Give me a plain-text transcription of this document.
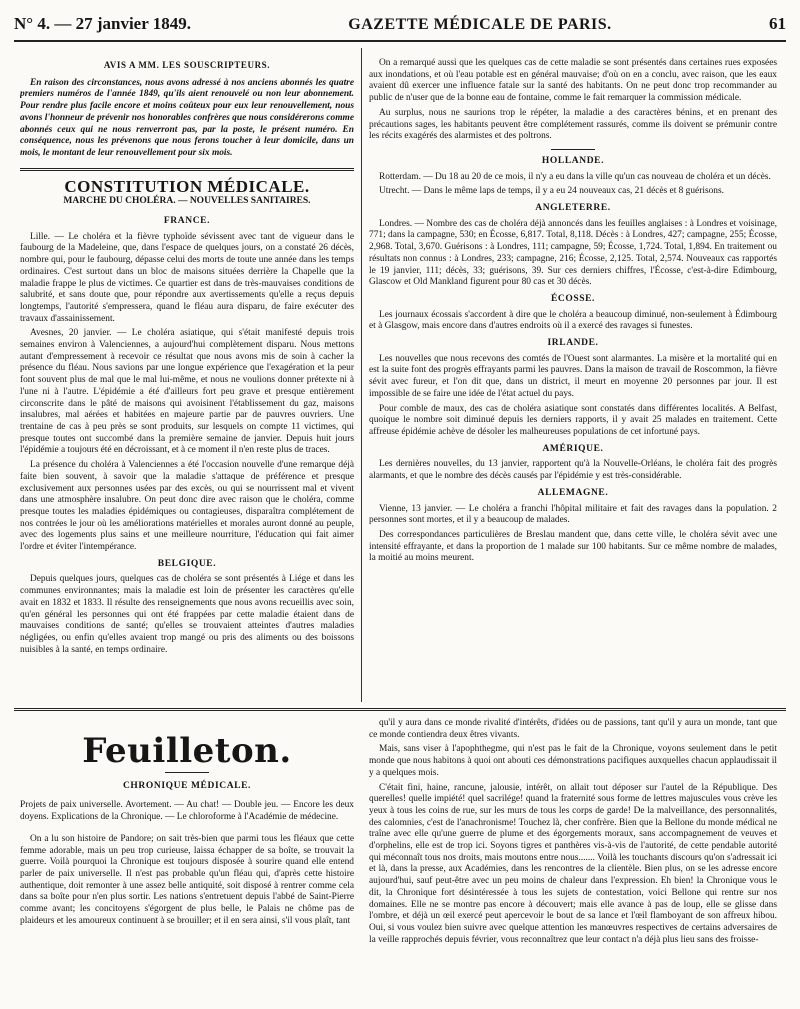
N° 4. — 27 janvier 1849.	GAZETTE MÉDICALE DE PARIS.	61
AVIS A MM. LES SOUSCRIPTEURS.

En raison des circonstances, nous avons adressé à nos anciens abonnés les quatre premiers numéros de l'année 1849, qu'ils aient renouvelé ou non leur abonnement. Pour rendre plus facile encore et moins coûteux pour eux leur renouvellement, nous avons l'honneur de prévenir nos honorables confrères que nous considérerons comme abonnés ceux qui ne nous renverront pas, par la poste, le présent numéro. En conséquence, nous les prévenons que nous ferons toucher à leur domicile, dans un mois, le montant de leur renouvellement pour six mois.

CONSTITUTION MÉDICALE.
MARCHE DU CHOLÉRA. — NOUVELLES SANITAIRES.
FRANCE.

Lille. — Le choléra et la fièvre typhoïde sévissent avec tant de vigueur dans le faubourg de la Madeleine, que, dans l'espace de quelques jours, on a constaté 26 décès, nombre qui, pour le faubourg, dépasse celui des morts de toute une année dans les temps ordinaires. C'est surtout dans un bloc de maisons situées derrière la Chapelle que la maladie frappe le plus de victimes. Ce quartier est dans de très-mauvaises conditions de salubrité, et sans doute que, pour répondre aux avertissements qu'elle a reçus depuis longtemps, l'autorité s'empressera, quand le fléau aura disparu, de faire exécuter des travaux d'assainissement.

Avesnes, 20 janvier. — Le choléra asiatique, qui s'était manifesté depuis trois semaines environ à Valenciennes, a aujourd'hui complètement disparu. Nous mettons autant d'empressement à recevoir ce résultat que nous avons mis de soin à cacher la présence du fléau. Nous savions par une longue expérience que l'exagération et la peur font souvent plus de mal que le mal lui-même, et nous ne voulions donner prétexte ni à l'une ni à l'autre. L'épidémie a été d'ailleurs fort peu grave et presque entièrement circonscrite dans le pâté de maisons qui avoisinent l'établissement du gaz, maisons insalubres, mal aérées et habitées en majeure partie par de pauvres ouvriers. Une trentaine de cas à peu près se sont produits, sur lesquels on compte 11 victimes, qui presque toutes ont succombé dans la première semaine de janvier. Depuis huit jours l'épidémie a toujours été en décroissant, et à ce moment il n'en reste plus de traces.

La présence du choléra à Valenciennes a été l'occasion nouvelle d'une remarque déjà faite bien souvent, à savoir que la maladie s'attaque de préférence et presque exclusivement aux personnes usées par des excès, ou qui se nourrissent mal et vivent dans une atmosphère insalubre. On peut donc dire avec raison que le choléra, comme presque toutes les maladies épidémiques ou contagieuses, disparaîtra complétement de nos contrées le jour où les améliorations matérielles et morales auront donné au peuple, avec des logements plus sains et une meilleure nourriture, l'éducation qui fait aimer l'ordre et éviter l'intempérance.

BELGIQUE.

Depuis quelques jours, quelques cas de choléra se sont présentés à Liége et dans les communes environnantes; mais la maladie est loin de présenter les caractères qu'elle avait en 1832 et 1833. Il résulte des renseignements que nous avons recueillis avec soin, qu'en général les personnes qui ont été frappées par cette maladie étaient dans de mauvaises conditions de santé; qu'elles se trouvaient atteintes d'autres maladies négligées, ou enfin qu'elles avaient trop mangé ou pris des aliments ou des boissons nuisibles à la santé, en temps ordinaire.

On a remarqué aussi que les quelques cas de cette maladie se sont présentés dans certaines rues exposées aux inondations, et où l'eau potable est en général mauvaise; d'où on en a conclu, avec raison, que les eaux avaient dû exercer une influence fatale sur la santé des habitants. On ne peut donc trop recommander au public de n'user que de la bonne eau de fontaine, comme le fait remarquer la commission médicale.

Au surplus, nous ne saurions trop le répéter, la maladie a des caractères bénins, et en prenant des précautions sages, les habitants peuvent être complétement rassurés, comme ils doivent se prémunir contre les récits exagérés des alarmistes et des poltrons.

HOLLANDE.

Rotterdam. — Du 18 au 20 de ce mois, il n'y a eu dans la ville qu'un cas nouveau de choléra et un décès.

Utrecht. — Dans le même laps de temps, il y a eu 24 nouveaux cas, 21 décès et 8 guérisons.

ANGLETERRE.

Londres. — Nombre des cas de choléra déjà annoncés dans les feuilles anglaises : à Londres et voisinage, 771; dans la campagne, 530; en Écosse, 6,817. Total, 8,118. Décès : à Londres, 427; campagne, 255; Écosse, 2,968. Total, 3,670. Guérisons : à Londres, 111; campagne, 59; Écosse, 1,724. Total, 1,894. En traitement ou résultats non connus : à Londres, 233; campagne, 216; Écosse, 2,125. Total, 2,574. Nouveaux cas rapportés le 19 janvier, 111; décès, 33; guérisons, 39. Sur ces derniers chiffres, l'Écosse, c'est-à-dire Edimbourg, Glascow et Old Mankland figurent pour 80 cas et 30 décès.

ÉCOSSE.

Les journaux écossais s'accordent à dire que le choléra a beaucoup diminué, non-seulement à Édimbourg et à Glasgow, mais encore dans d'autres endroits où il a exercé des ravages si funestes.

IRLANDE.

Les nouvelles que nous recevons des comtés de l'Ouest sont alarmantes. La misère et la mortalité qui en est la suite font des progrès effrayants parmi les pauvres. Dans la maison de travail de Roscommon, la fièvre sévit avec fureur, et l'on dit que, dans un district, il meurt en moyenne 20 personnes par jour. Il est impossible de se faire une idée de l'état actuel du pays.

Pour comble de maux, des cas de choléra asiatique sont constatés dans différentes localités. A Belfast, quoique le nombre soit diminué depuis les derniers rapports, il y avait 25 malades en traitement. Cette affreuse épidémie achève de désoler les malheureuses populations de cet infortuné pays.

AMÉRIQUE.

Les dernières nouvelles, du 13 janvier, rapportent qu'à la Nouvelle-Orléans, le choléra fait des progrès alarmants, et que le nombre des décès causés par l'épidémie y est très-considérable.

ALLEMAGNE.

Vienne, 13 janvier. — Le choléra a franchi l'hôpital militaire et fait des ravages dans la population. 2 personnes sont mortes, et il y a beaucoup de malades.

Des correspondances particulières de Breslau mandent que, dans cette ville, le choléra sévit avec une intensité effrayante, et dans la proportion de 1 malade sur 100 habitants. Sur ce même nombre de malades, la moitié au moins meurent.

Feuilleton.
CHRONIQUE MÉDICALE.

Projets de paix universelle. Avortement. — Au chat! — Double jeu. — Encore les deux doyens. Explications de la Chronique. — Le chloroforme à l'Académie de médecine.

On a lu son histoire de Pandore; on sait très-bien que parmi tous les fléaux que cette femme adorable, mais un peu trop curieuse, laissa échapper de sa boîte, se trouvait la guerre. Voilà pourquoi la Chronique est toujours disposée à sourire quand elle entend parler de paix universelle. Il n'est pas probable qu'un fléau qui, d'après cette histoire authentique, doit remonter à une assez belle antiquité, soit disposé à rentrer comme cela dans sa boîte pour n'en plus sortir. Les nations s'entretuent depuis l'abbé de Saint-Pierre comme avant; les concitoyens s'égorgent de plus belle, le Palais ne chôme pas de plaideurs et les amoureux continuent à se brouiller; et il en sera ainsi, s'il vous plaît, tant

qu'il y aura dans ce monde rivalité d'intérêts, d'idées ou de passions, tant qu'il y aura un monde, tant que ce monde contiendra deux êtres vivants.

Mais, sans viser à l'apophthegme, qui n'est pas le fait de la Chronique, voyons seulement dans le petit monde que nous habitons à quoi ont abouti ces démonstrations pacifiques auxquelles chacun applaudissait il y a quelques mois.

C'était fini, haine, rancune, jalousie, intérêt, on allait tout déposer sur l'autel de la République. Des querelles! quelle impiété! quel sacrilége! quand la fraternité sous forme de lettres majuscules vous crève les yeux à tous les coins de rue, sur les murs de tous les corps de garde! De la malveillance, des personnalités, des calomnies, c'est de l'anachronisme! Touchez là, cher confrère. Bien que la Bellone du monde médical ne traîne avec elle qu'une guerre de plume et des égorgements moraux, sans accompagnement de veuves et d'orphelins, elle est de trop ici. Soyons tigres et panthères vis-à-vis de l'autorité, de cette pendable autorité qui méconnaît tous nos droits, mais moutons entre nous....... Voilà les touchants discours qu'on s'adressait ici et là, dans la presse, aux Académies, dans les rencontres de la clientèle. Bien plus, on se les adresse encore aujourd'hui, sauf peut-être avec un peu moins de chaleur dans l'expression. Eh bien! la Chronique vous le dit, la Chronique fort désintéressée à tous les sujets de contestation, voici Bellone qui rentre sur nos domaines. Elle ne se montre pas encore à découvert; mais elle avance à pas de loup, elle se glisse dans l'ombre, et déjà un œil exercé peut apercevoir le bout de sa lance et l'œil flamboyant de son affreux hibou. Oui, si vous voulez bien suivre avec quelque attention les manœuvres respectives de certains adversaires de la veille rapprochés depuis février, vous reconnaîtrez que leur contact n'a déjà plus lieu sans des froisse-
